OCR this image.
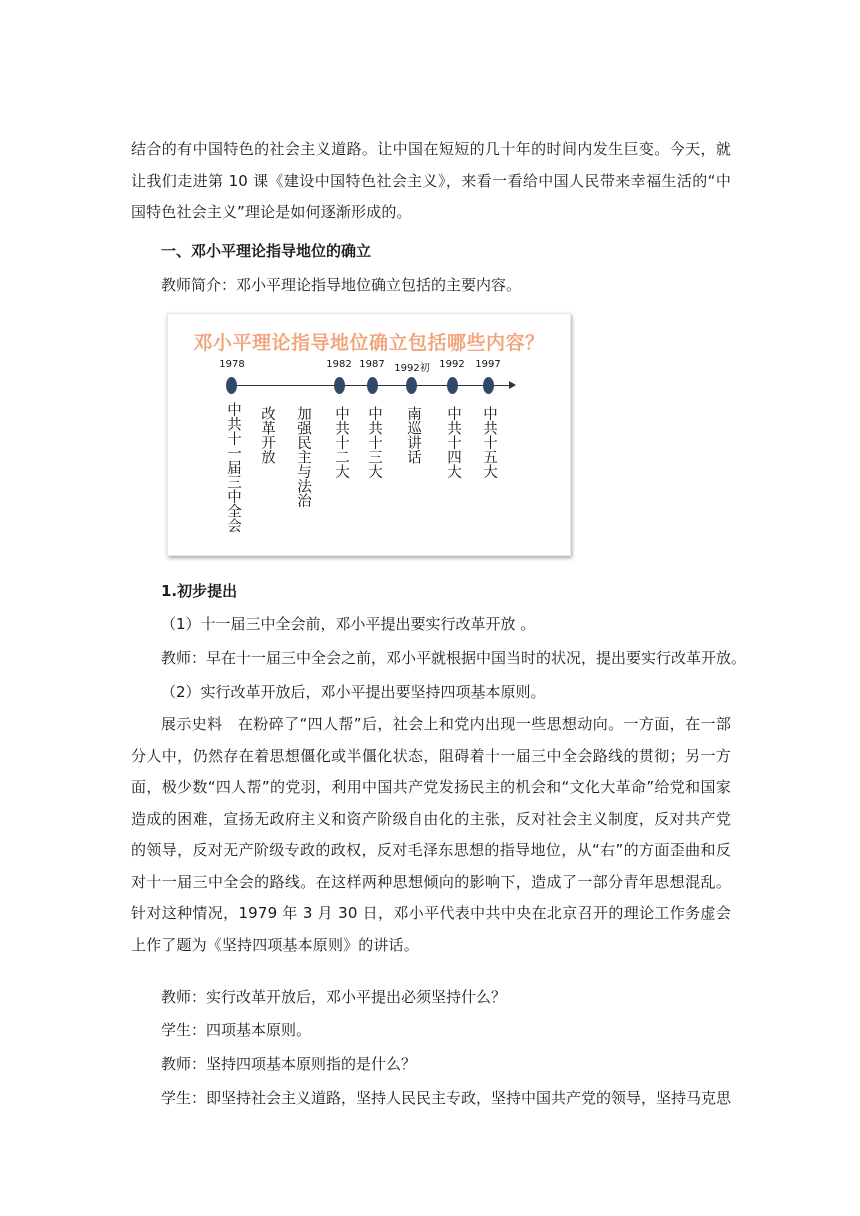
结合的有中国特色的社会主义道路。让中国在短短的几十年的时间内发生巨变。今天，就让我们走进第 10 课《建设中国特色社会主义》，来看一看给中国人民带来幸福生活的“中国特色社会主义”理论是如何逐渐形成的。

一、邓小平理论指导地位的确立

教师简介：邓小平理论指导地位确立包括的主要内容。

邓小平理论指导地位确立包括哪些内容？
1978	1982 1987 1992初 1992 1997
中共十一届三中全会 改革开放 加强民主与法治 中共十二大 中共十三大 南巡讲话 中共十四大 中共十五大

1.初步提出

（1）十一届三中全会前，邓小平提出要实行改革开放 。

教师：早在十一届三中全会之前，邓小平就根据中国当时的状况，提出要实行改革开放。

（2）实行改革开放后，邓小平提出要坚持四项基本原则。

展示史料　在粉碎了“四人帮”后，社会上和党内出现一些思想动向。一方面，在一部分人中，仍然存在着思想僵化或半僵化状态，阻碍着十一届三中全会路线的贯彻；另一方面，极少数“四人帮”的党羽，利用中国共产党发扬民主的机会和“文化大革命”给党和国家造成的困难，宣扬无政府主义和资产阶级自由化的主张，反对社会主义制度，反对共产党的领导，反对无产阶级专政的政权，反对毛泽东思想的指导地位，从“右”的方面歪曲和反对十一届三中全会的路线。在这样两种思想倾向的影响下，造成了一部分青年思想混乱。针对这种情况，1979 年 3 月 30 日，邓小平代表中共中央在北京召开的理论工作务虚会上作了题为《坚持四项基本原则》的讲话。

教师：实行改革开放后，邓小平提出必须坚持什么？

学生：四项基本原则。

教师：坚持四项基本原则指的是什么？

学生：即坚持社会主义道路，坚持人民民主专政，坚持中国共产党的领导，坚持马克思
